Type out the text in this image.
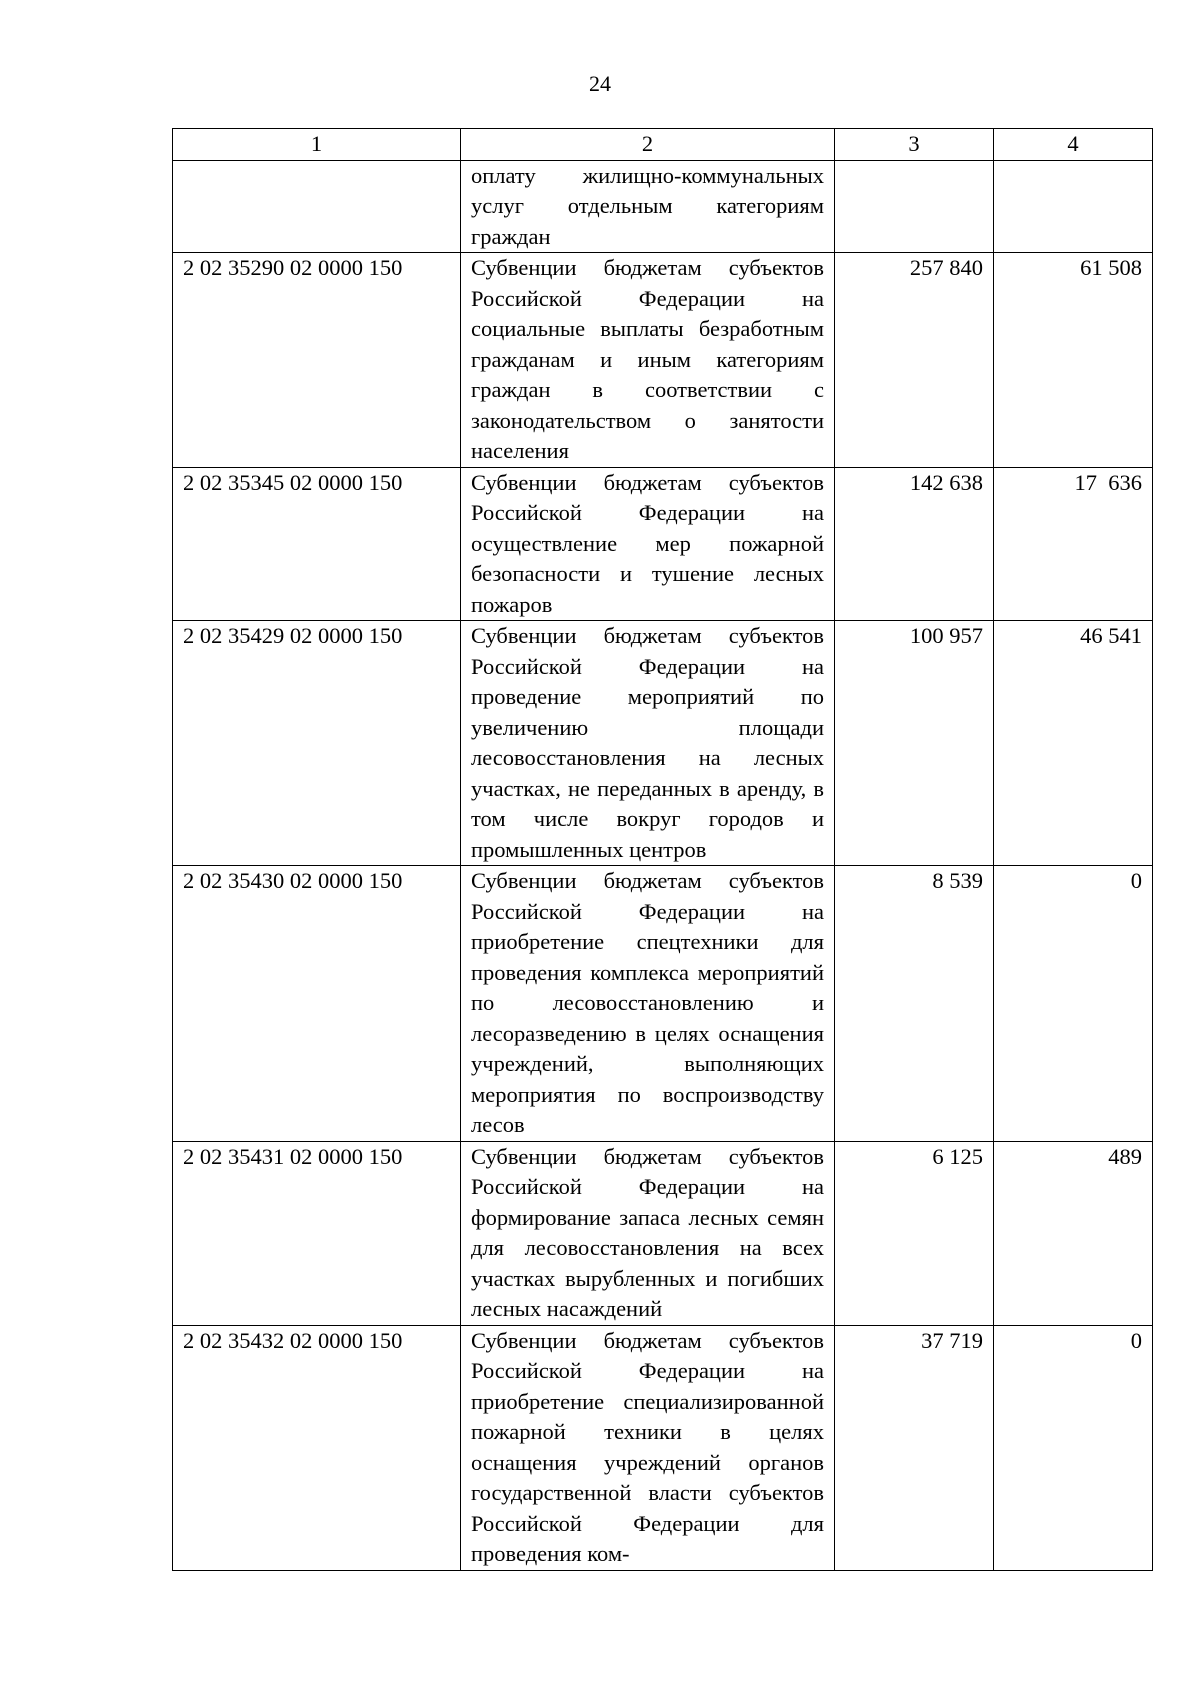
24
1	2	3	4
	оплату жилищно-коммунальных услуг отдельным категориям граждан		
2 02 35290 02 0000 150	Субвенции бюджетам субъектов Российской Федерации на социальные выплаты безработным гражданам и иным категориям граждан в соответствии с законодательством о занятости населения	257 840	61 508
2 02 35345 02 0000 150	Субвенции бюджетам субъектов Российской Федерации на осуществление мер пожарной безопасности и тушение лесных пожаров	142 638	17  636
2 02 35429 02 0000 150	Субвенции бюджетам субъектов Российской Федерации на проведение мероприятий по увеличению площади лесовосстановления на лесных участках, не переданных в аренду, в том числе вокруг городов и промышленных центров	100 957	46 541
2 02 35430 02 0000 150	Субвенции бюджетам субъектов Российской Федерации на приобретение спецтехники для проведения комплекса мероприятий по лесовосстановлению и лесоразведению в целях оснащения учреждений, выполняющих мероприятия по воспроизводству лесов	8 539	0
2 02 35431 02 0000 150	Субвенции бюджетам субъектов Российской Федерации на формирование запаса лесных семян для лесовосстановления на всех участках вырубленных и погибших лесных насаждений	6 125	489
2 02 35432 02 0000 150	Субвенции бюджетам субъектов Российской Федерации на приобретение специализированной пожарной техники в целях оснащения учреждений органов государственной власти субъектов Российской Федерации для проведения ком-	37 719	0
